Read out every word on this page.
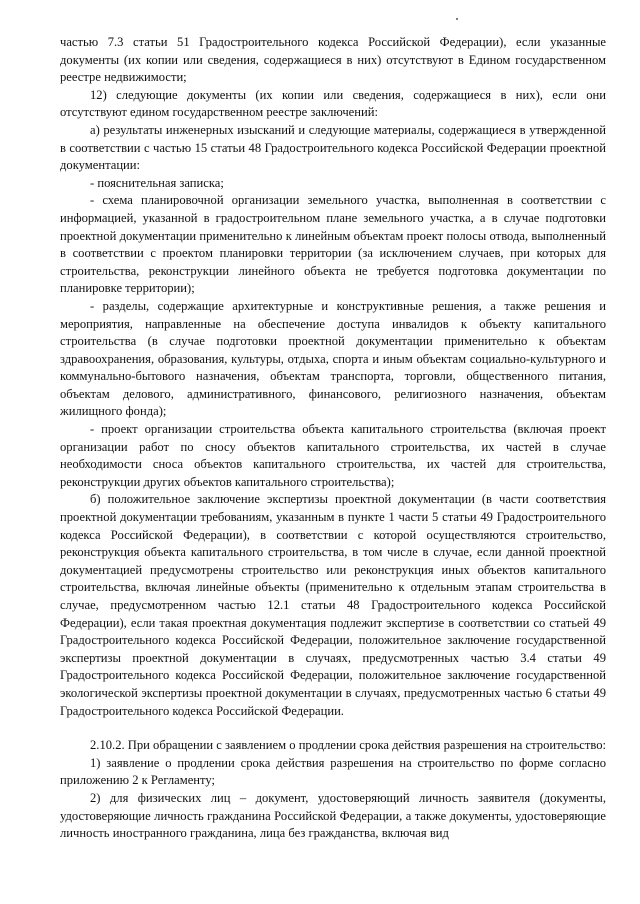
частью 7.3 статьи 51 Градостроительного кодекса Российской Федерации), если указанные документы (их копии или сведения, содержащиеся в них) отсутствуют в Едином государственном реестре недвижимости;

12) следующие документы (их копии или сведения, содержащиеся в них), если они отсутствуют едином государственном реестре заключений:

а) результаты инженерных изысканий и следующие материалы, содержащиеся в утвержденной в соответствии с частью 15 статьи 48 Градостроительного кодекса Российской Федерации проектной документации:

- пояснительная записка;

- схема планировочной организации земельного участка, выполненная в соответствии с информацией, указанной в градостроительном плане земельного участка, а в случае подготовки проектной документации применительно к линейным объектам проект полосы отвода, выполненный в соответствии с проектом планировки территории (за исключением случаев, при которых для строительства, реконструкции линейного объекта не требуется подготовка документации по планировке территории);

- разделы, содержащие архитектурные и конструктивные решения, а также решения и мероприятия, направленные на обеспечение доступа инвалидов к объекту капитального строительства (в случае подготовки проектной документации применительно к объектам здравоохранения, образования, культуры, отдыха, спорта и иным объектам социально-культурного и коммунально-бытового назначения, объектам транспорта, торговли, общественного питания, объектам делового, административного, финансового, религиозного назначения, объектам жилищного фонда);

- проект организации строительства объекта капитального строительства (включая проект организации работ по сносу объектов капитального строительства, их частей в случае необходимости сноса объектов капитального строительства, их частей для строительства, реконструкции других объектов капитального строительства);

б) положительное заключение экспертизы проектной документации (в части соответствия проектной документации требованиям, указанным в пункте 1 части 5 статьи 49 Градостроительного кодекса Российской Федерации), в соответствии с которой осуществляются строительство, реконструкция объекта капитального строительства, в том числе в случае, если данной проектной документацией предусмотрены строительство или реконструкция иных объектов капитального строительства, включая линейные объекты (применительно к отдельным этапам строительства в случае, предусмотренном частью 12.1 статьи 48 Градостроительного кодекса Российской Федерации), если такая проектная документация подлежит экспертизе в соответствии со статьей 49 Градостроительного кодекса Российской Федерации, положительное заключение государственной экспертизы проектной документации в случаях, предусмотренных частью 3.4 статьи 49 Градостроительного кодекса Российской Федерации, положительное заключение государственной экологической экспертизы проектной документации в случаях, предусмотренных частью 6 статьи 49 Градостроительного кодекса Российской Федерации.

2.10.2. При обращении с заявлением о продлении срока действия разрешения на строительство:

1) заявление о продлении срока действия разрешения на строительство по форме согласно приложению 2 к Регламенту;

2) для физических лиц – документ, удостоверяющий личность заявителя (документы, удостоверяющие личность гражданина Российской Федерации, а также документы, удостоверяющие личность иностранного гражданина, лица без гражданства, включая вид
